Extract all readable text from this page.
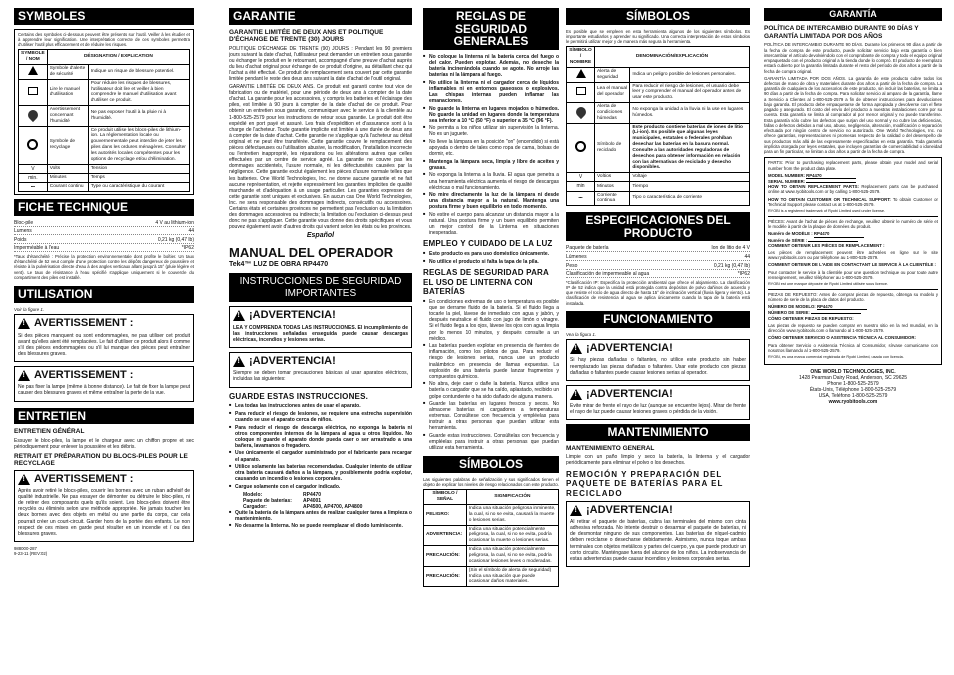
SYMBOLES

Certains des symboles ci-dessous peuvent être présents sur l'outil. Veiller à les étudier et à apprendre leur signification. Une interprétation correcte de ces symboles permettra d'utiliser l'outil plus efficacement et de réduire les risques.

SYMBOLE / NOM	DÉSIGNATION / EXPLICATION	
	Symbole d'alerte de sécurité	Indique un risque de blessure potentiel.
	Lire le manuel d'utilisation	Pour réduire les risques de blessures, l'utilisateur doit lire et veiller à bien comprendre le manuel d'utilisation avant d'utiliser ce produit.
	Avertissement concernant l'humidité	Ne pas exposer l'outil à la pluie ni à l'humidité.
	Symbole de recyclage	Ce produit utilise les blocs-piles de lithium-ion. La réglementation locale ou gouvernementale peut interdire de jeter les piles dans les ordures ménagères. Consulter les autorités locales compétentes pour les options de recyclage et/ou d'élimination.
V	Volts	Tension
min.	Minutes	Temps
⎓	Courant continu	Type ou caractéristique du courant
FICHE TECHNIQUE
Bloc-pile	4 V au lithium-ion
Lumens	44
Poids	0,21 kg (0,47 lb)
Imperméable à l'eau	*IP62

*Taux d'étanchéité : Précise la protection environnementale dont profite le boîtier. Un taux d'étanchéité de 52 veut comple d'une protection contre les dépôts dangereux de poussière et résiste à la pulvérisation directe d'eau à des angles verticaux allant jusqu'à 15° (pluie légère et vent). Le taux de résistance à l'eau spécifié s'applique uniquement si le couvercle du compartiment des piles est installé.

UTILISATION

Voir la figure 1.

! AVERTISSEMENT :

Si des pièces manquent ou sont endommagées, ne pas utiliser cet produit avant qu'elles aient été remplacées. Le fait d'utiliser ce produit alors il comme s'il des pièces endommagées ou s'il lui manque des pièces peut entraîner des blessures graves.

! AVERTISSEMENT :

Ne pas fixer la lampe (même à bonne distance). Le fait de fixer la lampe peut causer des blessures graves et même entraîner la perte de la vue.

ENTRETIEN
ENTRETIEN GÉNÉRAL

Essuyer le bloc-piles, la lampe et le chargeur avec un chiffon propre et sec périodiquement pour enlever la poussière et les débris.

RETRAIT ET PRÉPARATION DU BLOCS-PILES POUR LE RECYCLAGE
! AVERTISSEMENT :

Après avoir retiré le blocs-piles, couvrir les bornes avec un ruban adhésif de qualité industrielle. Ne pas essayer de démonter ou détruire le bloc-piles, ni de retirer des composants quels qu'ils soient. Les blocs-piles doivent être recyclés ou éliminés selon une méthode appropriée. Ne jamais toucher les deux bornes avec des objets en métal ou une partie du corps, car cela pourrait créer un court-circuit. Garder hors de la portée des enfants. Le non respect de ces mises en garde peut résulter en un incendie et / ou des blessures graves.

988000-287
9-23-11 (REV:02)
GARANTIE
GARANTIE LIMITÉE DE DEUX ANS ET POLITIQUE D'ÉCHANGE DE TRENTE (30) JOURS

POLITIQUE D'ÉCHANGE DE TRENTE (90) JOURS : Pendant les 90 premiers jours suivant la date d'achat, l'utilisateur peut demander un entretien sous garantie ou échanger le produit en le retournant, accompagné d'une preuve d'achat auprès du lieu d'achat original pour échange de ce produit d'origine, au détaillant chez qui l'achat a été effectué. Ce produit de remplacement sera couvert par cette garantie limitée pendant le reste des deux ans suivant la date d'achat de l'outil original.

GARANTIE LIMITÉE DE DEUX ANS. Ce produit est garanti contre tout vice de fabrication ou de matériel, pour une période de deux ans à compter de la date d'achat. La garantie pour les accessoires, y compris les batteries et l'éclairage des piles, est limitée à 90 jours à compter de la date d'achat de ce produit. Pour obtenir un entretien sous garantie, communiquer avec le service à la clientèle au 1-800-525-2579 pour les instructions de retour sous garantie. Le produit doit être expédié en port payé et assuré. Les frais d'expédition et d'assurance sont à la charge de l'acheteur. Toute garantie implicite est limitée à une durée de deux ans à compter de la date d'achat. Cette garantie ne s'applique qu'à l'acheteur au détail original et ne peut être transférée. Cette garantie couvre le remplacement des pièces défectueuses ou l'utilisation abusive, la modification, l'installation incorrecte ou l'entretien inapproprié, les réparations ou les altérations autres que celles effectuées par un centre de service agréé. La garantie ne couvre pas les dommages accidentels, l'usure normale, ni les défectuosités causées par la négligence. Cette garantie exclut également les pièces d'usure normale telles que les batteries. One World Technologies, Inc. ne donne aucune garantie et ne fait aucune représentation, et rejette expressément les garanties implicites de qualité marchande et d'adéquation à un usage particulier. Les garanties expresses de cette garantie sont uniques et exclusives. En aucun cas One World Technologies, Inc. ne sera responsable des dommages indirects, consécutifs ou accessoires. Certains états et certaines provinces ne permettent pas l'exclusion ou la limitation des dommages accessoires ou indirects; la limitation ou l'exclusion ci-dessus peut donc ne pas s'appliquer. Cette garantie vous donne des droits spécifiques et vous pouvez également avoir d'autres droits qui varient selon les états ou les provinces.

Español
MANUAL DEL OPERADOR
Tek4™ LUZ DE OBRA RP4470
INSTRUCCIONES DE SEGURIDAD IMPORTANTES
! ¡ADVERTENCIA!

LEA Y COMPRENDA TODAS LAS INSTRUCCIONES. El incumplimiento de las instrucciones señaladas enseguida puede causar descargas eléctricas, incendios y lesiones serias.

! ¡ADVERTENCIA!

Siempre se deben tomar precauciones básicas al usar aparatos eléctricos, incluidas las siguientes:

GUARDE ESTAS INSTRUCCIONES.
■ Lea todas las instrucciones antes de usar el aparato.
■ Para reducir el riesgo de lesiones, se requiere una estrecha supervisión cuando se use el aparato cerca de niños.
■ Para reducir el riesgo de descarga eléctrica, no exponga la batería ni otros componentes internos de la lámpara al agua u otros líquidos. No coloque ni guarde el aparato donde pueda caer o ser arrastrado a una bañera, lavamanos o fregadero.
■ Use únicamente el cargador suministrado por el fabricante para recargar el aparato.
■ Utilice solamente las baterías recomendadas. Cualquier intento de utilizar otra batería causará daños a la lámpara, y posiblemente podría explotar, causando un incendio o lesiones corporales.
■ Cargue solamente con el cargador indicado.
Modelo:	RP4470
Paquete de baterías: AP4001
Cargador:	AP4500, AP4700, AP4800
■ Quite la batería de la lámpara antes de realizar cualquier tarea a limpieza o mantenimiento.
■ No desarme la linterna. No se puede reemplazar el diodo luminiscente.
REGLAS DE SEGURIDAD GENERALES
■ No coloque la linterna ni la batería cerca del fuego o del calor. Pueden explotar. Además, no deseche la batería incinerándola cuando se agote. No arroje las baterías ni la lámpara al fuego.
■ No utilice la linterna ni el cargador cerca de líquidos inflamables ni en entornos gaseosos o explosivos. Las chispas internas pueden inflamar las emanaciones.
■ No guarde la linterna en lugares mojados o húmedos. No guarde la unidad en lugares donde la temperatura sea inferior a 10 °C (50 °F) o superior a 35 °C (96 °F).
■ No permita a los niños utilizar sin supervisión la linterna. No es un juguete.
■ No lleve la lámpara en la posición "on" (encendido) si está apoyada o dentro de tales como ropa de cama, bolsas de dormir, etc.
■ Mantenga la lámpara seca, limpia y libre de aceites y grasas.
■ No exponga la linterna a la lluvia. El agua que penetra a una herramienta eléctrica aumenta el riesgo de descargas eléctricas o mal funcionamiento.
■ No mire directamente la luz de la lámpara ni desde una distancia mayor a la natural. Mantenga una postura firme y buen equilibrio en todo momento.
■ No estire el cuerpo para alcanzar un distancia mayor a la natural. Una postura firme y un buen equilibrio permiten un mejor control de la Linterna en situaciones inesperadas.
EMPLEO Y CUIDADO DE LA LUZ
■ Esto producto es para uso doméstico únicamente.
■ No utilice el producto si falta la tapa de la pila.
REGLAS DE SEGURIDAD PARA EL USO DE LINTERNA CON BATERÍAS
■ En condiciones extremas de uso o temperatura es posible que se derrame fluido de la batería. Si el fluido llega a tocarle la piel, lávese de inmediato con agua y jabón, y después neutralice el fluido con jugo de limón o vinagre. Si el fluido llega a los ojos, lávese los ojos con agua limpia por lo menos 10 minutos, y después consulte a un médico.
■ Las baterías pueden explotar en presencia de fuentes de inflamación, como los pilotos de gas. Para reducir el riesgo de lesiones serias, nunca use un producto inalámbrico en presencia de llamas expuestas. La explosión de una batería puede lanzar fragmentos y compuestos químicos.
■ No abra, deje caer o dañe la batería. Nunca utilice una batería o cargador que se ha caído, aplastado, recibido un golpe contundente o ha sido dañado de alguna manera.
■ Guarde las baterías en lugares frescos y secos. No almacene baterías ni cargadores a temperaturas extremas. Consúltese con frecuencia y empléelas para instruir a otras personas que puedan utilizar esta herramienta.
■ Guarde estas instrucciones. Consúltelas con frecuencia y empléelas para instruir a otras personas que puedan utilizar esta herramienta.
SÍMBOLOS

Las siguientes palabras de señalización y sus significados tienen el objeto de explicar los niveles de riesgo relacionados con este producto.

SÍMBOLO / SEÑAL	SIGNIFICACIÓN
PELIGRO:	Indica una situación peligrosa inminente, la cual, si no se evita, causará la muerte o lesiones serias.
ADVERTENCIA:	Indica una situación potencialmente peligrosa, la cual, si no se evita, podría ocasionar la muerte o lesiones serias.
PRECAUCIÓN:	Indica una situación potencialmente peligrosa, la cual, si no se evita, podría ocasionar lesiones leves o moderadas.
PRECAUCIÓN:	(Sin el símbolo de alerta de seguridad) Indica una situación que puede ocasionar daños materiales.
SÍMBOLOS

Es posible que se empleen en esta herramienta algunos de los siguientes símbolos. Es importante estudiarlos y aprender su significado. Una correcta interpretación de estos símbolos le permitirá utilizar mejor y de manera más segura la herramienta.

SÍMBOLO / NOMBRE	DENOMINACIÓN/EXPLICACIÓN	
	Alerta de seguridad	Indica un peligro posible de lesiones personales.
	Lea el manual del operador	Para reducir el riesgo de lesiones, el usuario debe leer y comprender el manual del operador antes de usar este producto.
	Alerta de condiciones húmedas	No exponga la unidad a la lluvia ni la use en lugares húmedos.
	Símbolo de reciclado	Este producto contiene baterías de iones de litio (Li-ion). Es posible que algunas leyes municipales, estatales o federales prohíban desechar las baterías en la basura normal. Consulte a las autoridades reguladoras de desechos para obtener información en relación con las alternativas de reciclado y desecho disponibles.
V	Voltios	Voltaje
min	Minutos	Tiempo
⎓	Corriente continua	Tipo o característica de corriente
ESPECIFICACIONES DEL PRODUCTO
Paquete de batería	Ion de litio de 4 V
Lúmenes	44
Peso	0,21 kg (0,47 lb)
Clasificación de impermeable al agua	*IP62

*Clasificación IP: Especifica la protección ambiental que ofrece el alojamiento. La clasificación IP de 52 indica que la unidad está protegida contra depósitos de polvo dañinos de acuerdo y que resiste el rocío de agua directo de hasta 15° de inclinación vertical (lluvia ligera y viento). La clasificación de resistencia al agua se aplica únicamente cuando la tapa de la batería está instalada.

FUNCIONAMIENTO

Vea la figura 1.

! ¡ADVERTENCIA!

Si hay piezas dañadas o faltantes, no utilice este producto sin haber reemplazado las piezas dañadas o faltantes. Usar este producto con piezas dañadas o faltantes puede causar lesiones serias al operador.

! ¡ADVERTENCIA!

Evite mirar de frente el rayo de luz (aunque se encuentre lejos). Mirar de frente el rayo de luz puede causar lesiones graves o pérdida de la visión.

MANTENIMIENTO
MANTENIMIENTO GENERAL

Limpie con un paño limpio y seco la batería, la linterna y el cargador periódicamente para eliminar el polvo o los desechos.

REMOCIÓN Y PREPARACIÓN DEL PAQUETE DE BATERÍAS PARA EL RECICLADO
! ¡ADVERTENCIA!

Al retirar el paquete de baterías, cubra las terminales del mismo con cinta adhesiva reforzada. No intente destruir o desarmar el paquete de baterías, ni de desmontar ninguno de sus componentes. Las baterías de níquel-cadmio deben reciclarse o desecharse debidamente. Asimismo, nunca toque ambas terminales con objetos metálicos y partes del cuerpo, ya que puede producir un corto circuito. Manténgase fuera del alcance de los niños. La inobservancia de estas advertencias puede causar incendios y lesiones corporales serias.

GARANTÍA
POLÍTICA DE INTERCAMBIO DURANTE 90 DÍAS Y GARANTÍA LIMITADA POR DOS AÑOS

POLÍTICA DE INTERCAMBIO DURANTE 90 DÍAS. Durante los primeros 90 días a partir de la fecha de compra de este producto, puede solicitar servicio bajo esta garantía o bien intercambiar el artículo devolviéndolo con el comprobante de compra y todo el equipo original empaquetado con el producto original a la tienda donde lo compró. El producto de reemplazo estará cubierto por la garantía limitada durante el resto del período de dos años a partir de la fecha de compra original.

GARANTÍA LIMITADA POR DOS AÑOS. La garantía de este producto cubre todos los defectos de mano de obra y materiales durante dos años a partir de la fecha de compra. La garantía de cualquiera de los accesorios de este producto, sin incluir las baterías, se limita a 90 días a partir de la fecha de compra. Para solicitar servicio al amparo de la garantía, llame a Servicio a Clientes al 1-800-525-2579 a fin de obtener instrucciones para devoluciones bajo garantía. El producto debe empaquetarse de forma apropiada y devolverse con el flete pagado y asegurado. El costo del envío del producto a nuestras instalaciones corre por su cuenta. Esta garantía se limita al comprador al por menor original y no puede transferirse. Esta garantía sólo cubre los defectos que surjan del uso normal y no cubre las deficiencias, fallas o defectos debidos a mal uso, abuso, negligencia, alteración, modificación o reparación efectuada por ningún centro de servicio no autorizado. One World Technologies, Inc. no ofrece garantías, representaciones ni promesas respecto de la calidad o del desempeño de sus productos más allá de las expresamente especificadas en esta garantía. Toda garantía implícita otorgada por leyes estatales, que incluyen garantías de comerciabilidad o idoneidad para un fin particular, se limitan a dos años a partir de la fecha de compra.

PARTS: Prior to purchasing replacement parts, please obtain your model and serial number from the product data plate.

MODEL NUMBER: RP4470
SERIAL NUMBER:

HOW TO OBTAIN REPLACEMENT PARTS: Replacement parts can be purchased online at www.ryobitools.com or by calling 1-800-525-2579.

HOW TO OBTAIN CUSTOMER OR TECHNICAL SUPPORT: To obtain Customer or Technical Support please contact us at 1-800-525-2579.

RYOBI is a registered trademark of Ryobi Limited used under license.

PIÈCES: Avant de l'achat de pièces de rechange, veuillez obtenir le numéro de série et le modèle à partir de la plaque de données du produit.

Numéro de MODÈLE : RP4470
Numéro de SÉRIE :

COMMENT OBTENIR LES PIÈCES DE REMPLACEMENT :

Les pièces de remplacement peuvent être achetées en ligne sur le site www.ryobitools.com ou par téléphone au 1-800-525-2579.

COMMENT OBTENIR DE L'AIDE EN CONTACTANT LE SERVICE À LA CLIENTÈLE :

Pour contacter le service à la clientèle pour une question technique ou pour toute autre renseignement, veuillez téléphoner au 1-800-525-2579.

RYOBI est une marque déposée de Ryobi Limited utilisée sous licence.

PIEZAS DE REPUESTO: Antes de comprar piezas de repuesto, obtenga su modelo y número de serie de la placa de datos del producto.

NÚMERO DE MODELO: RP4470
NÚMERO DE SERIE:

CÓMO OBTENER PIEZAS DE REPUESTO:

Las piezas de repuesto se pueden comprar en nuestro sitio en la red mundial, en la dirección www.ryobitools.com o llamando al 1-800-525-2579.

CÓMO OBTENER SERVICIO O ASISTENCIA TÉCNICA AL CONSUMIDOR:

Para obtener Servicio o Asistencia Técnica al Consumidor, sírvase comunicarse con nosotros llamando al 1-800-525-2579.

RYOBI, es una marca comercial registrada de Ryobi Limited, usada con licencia.

ONE WORLD TECHNOLOGIES, INC.
1428 Pearman Dairy Road, Anderson, SC 29625
Phone 1-800-525-2579
États-Unis, Téléphone 1-800-525-2579
USA, Teléfono 1-800-525-2579
www.ryobitools.com
